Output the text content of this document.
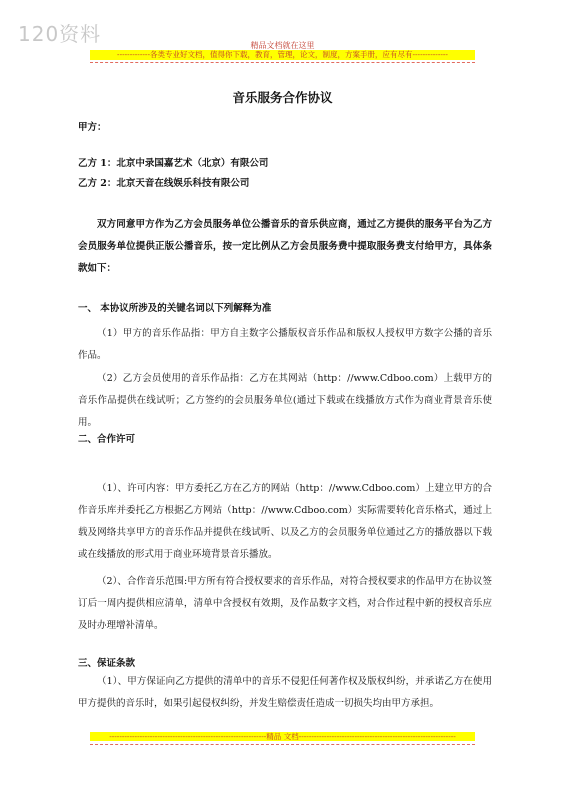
120资料	精品文档就在这里
-------------各类专业好文档，值得你下载，教育，管理，论文，制度，方案手册，应有尽有--------------
音乐服务合作协议
甲方：
乙方 1：北京中录国嘉艺术（北京）有限公司
乙方 2：北京天音在线娱乐科技有限公司
双方同意甲方作为乙方会员服务单位公播音乐的音乐供应商，通过乙方提供的服务平台为乙方会员服务单位提供正版公播音乐，按一定比例从乙方会员服务费中提取服务费支付给甲方，具体条款如下：
一、 本协议所涉及的关键名词以下列解释为准
（1）甲方的音乐作品指：甲方自主数字公播版权音乐作品和版权人授权甲方数字公播的音乐作品。
（2）乙方会员使用的音乐作品指：乙方在其网站（http：//www.Cdboo.com）上载甲方的音乐作品提供在线试听；乙方签约的会员服务单位(通过下载或在线播放方式作为商业背景音乐使用。
二、合作许可
（1）、许可内容：甲方委托乙方在乙方的网站（http：//www.Cdboo.com）上建立甲方的合作音乐库并委托乙方根据乙方网站（http：//www.Cdboo.com）实际需要转化音乐格式，通过上载及网络共享甲方的音乐作品并提供在线试听、以及乙方的会员服务单位通过乙方的播放器以下载或在线播放的形式用于商业环境背景音乐播放。
（2）、合作音乐范围:甲方所有符合授权要求的音乐作品，对符合授权要求的作品甲方在协议签订后一周内提供相应清单，清单中含授权有效期，及作品数字文档，对合作过程中新的授权音乐应及时办理增补清单。
三、保证条款
（1）、甲方保证向乙方提供的清单中的音乐不侵犯任何著作权及版权纠纷，并承诺乙方在使用甲方提供的音乐时，如果引起侵权纠纷，并发生赔偿责任造成一切损失均由甲方承担。
--------------------------------------------------------------精品 文档--------------------------------------------------------------
